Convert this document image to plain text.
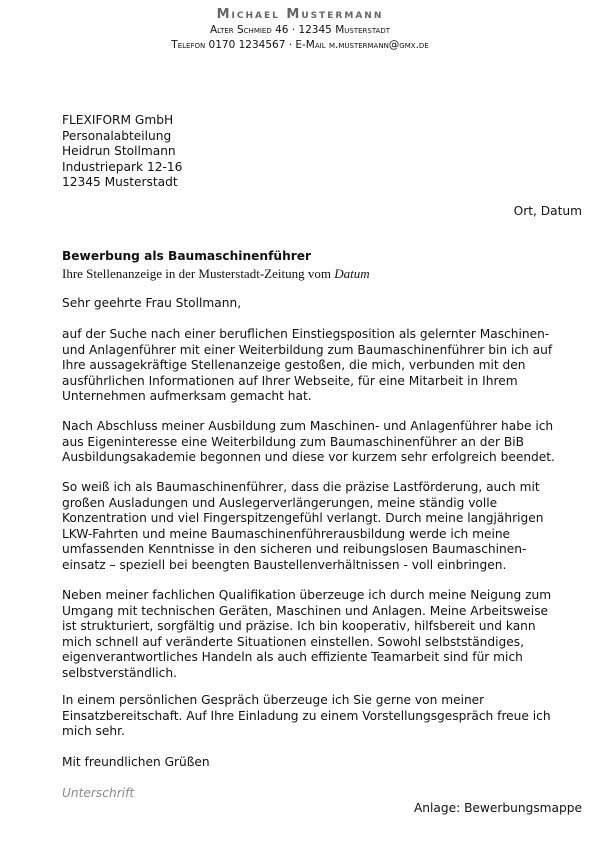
Michael Mustermann
Alter Schmied 46 · 12345 Musterstadt
Telefon 0170 1234567 · E-Mail m.mustermann@gmx.de
FLEXIFORM GmbH
Personalabteilung
Heidrun Stollmann
Industriepark 12-16
12345 Musterstadt
Ort, Datum
Bewerbung als Baumaschinenführer
Ihre Stellenanzeige in der Musterstadt-Zeitung vom Datum
Sehr geehrte Frau Stollmann,
auf der Suche nach einer beruflichen Einstiegsposition als gelernter Maschinen-
und Anlagenführer mit einer Weiterbildung zum Baumaschinenführer bin ich auf
Ihre aussagekräftige Stellenanzeige gestoßen, die mich, verbunden mit den
ausführlichen Informationen auf Ihrer Webseite, für eine Mitarbeit in Ihrem
Unternehmen aufmerksam gemacht hat.
Nach Abschluss meiner Ausbildung zum Maschinen- und Anlagenführer habe ich
aus Eigeninteresse eine Weiterbildung zum Baumaschinenführer an der BiB
Ausbildungsakademie begonnen und diese vor kurzem sehr erfolgreich beendet.
So weiß ich als Baumaschinenführer, dass die präzise Lastförderung, auch mit
großen Ausladungen und Auslegerverlängerungen, meine ständig volle
Konzentration und viel Fingerspitzengefühl verlangt. Durch meine langjährigen
LKW-Fahrten und meine Baumaschinenführerausbildung werde ich meine
umfassenden Kenntnisse in den sicheren und reibungslosen Baumaschinen-
einsatz – speziell bei beengten Baustellenverhältnissen - voll einbringen.
Neben meiner fachlichen Qualifikation überzeuge ich durch meine Neigung zum
Umgang mit technischen Geräten, Maschinen und Anlagen. Meine Arbeitsweise
ist strukturiert, sorgfältig und präzise. Ich bin kooperativ, hilfsbereit und kann
mich schnell auf veränderte Situationen einstellen. Sowohl selbstständiges,
eigenverantwortliches Handeln als auch effiziente Teamarbeit sind für mich
selbstverständlich.
In einem persönlichen Gespräch überzeuge ich Sie gerne von meiner
Einsatzbereitschaft. Auf Ihre Einladung zu einem Vorstellungsgespräch freue ich
mich sehr.
Mit freundlichen Grüßen
Unterschrift
Anlage: Bewerbungsmappe
